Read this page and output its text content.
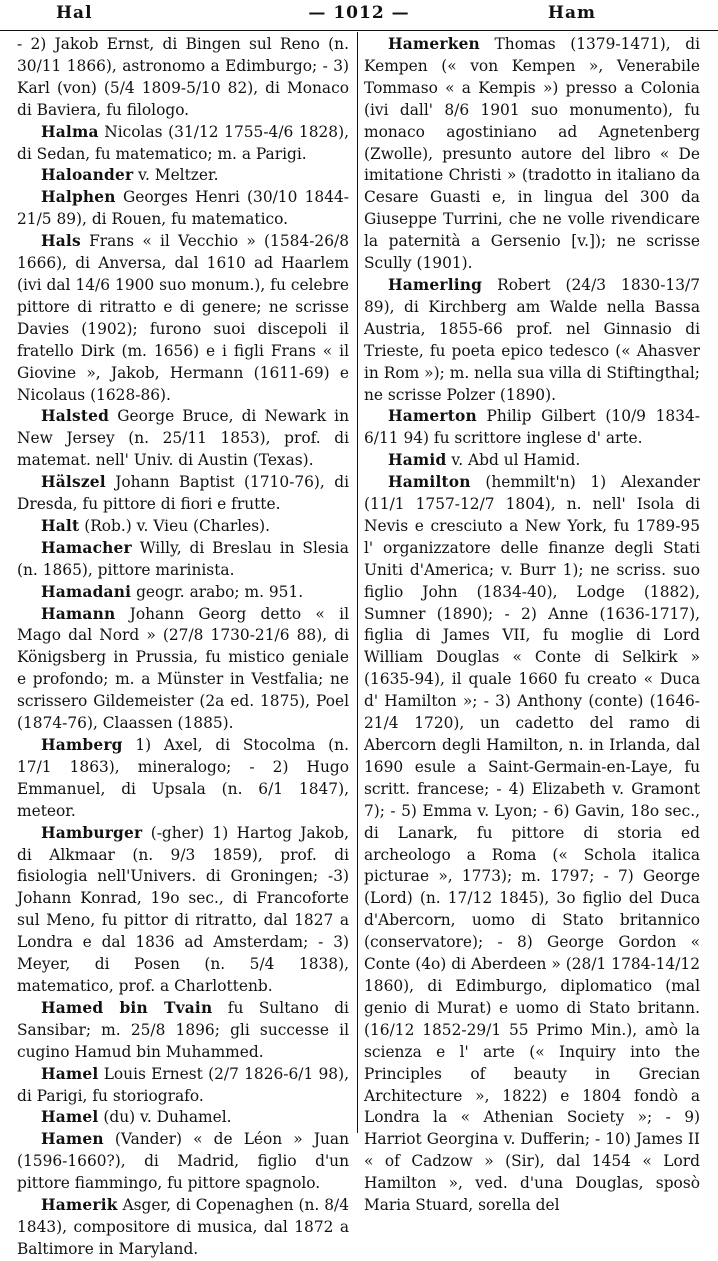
Hal	— 1012 —	Ham

- 2) Jakob Ernst, di Bingen sul Reno (n. 30/11 1866), astronomo a Edimburgo; - 3) Karl (von) (5/4 1809-5/10 82), di Monaco di Baviera, fu filologo.

Halma Nicolas (31/12 1755-4/6 1828), di Sedan, fu matematico; m. a Parigi.

Haloander v. Meltzer.

Halphen Georges Henri (30/10 1844-21/5 89), di Rouen, fu matematico.

Hals Frans « il Vecchio » (1584-26/8 1666), di Anversa, dal 1610 ad Haarlem (ivi dal 14/6 1900 suo monum.), fu celebre pittore di ritratto e di genere; ne scrisse Davies (1902); furono suoi discepoli il fratello Dirk (m. 1656) e i figli Frans « il Giovine », Jakob, Hermann (1611-69) e Nicolaus (1628-86).

Halsted George Bruce, di Newark in New Jersey (n. 25/11 1853), prof. di matemat. nell' Univ. di Austin (Texas).

Hälszel Johann Baptist (1710-76), di Dresda, fu pittore di fiori e frutte.

Halt (Rob.) v. Vieu (Charles).

Hamacher Willy, di Breslau in Slesia (n. 1865), pittore marinista.

Hamadani geogr. arabo; m. 951.

Hamann Johann Georg detto « il Mago dal Nord » (27/8 1730-21/6 88), di Königsberg in Prussia, fu mistico geniale e profondo; m. a Münster in Vestfalia; ne scrissero Gildemeister (2a ed. 1875), Poel (1874-76), Claassen (1885).

Hamberg 1) Axel, di Stocolma (n. 17/1 1863), mineralogo; - 2) Hugo Emmanuel, di Upsala (n. 6/1 1847), meteor.

Hamburger (-gher) 1) Hartog Jakob, di Alkmaar (n. 9/3 1859), prof. di fisiologia nell'Univers. di Groningen; -3) Johann Konrad, 19o sec., di Francoforte sul Meno, fu pittor di ritratto, dal 1827 a Londra e dal 1836 ad Amsterdam; - 3) Meyer, di Posen (n. 5/4 1838), matematico, prof. a Charlottenb.

Hamed bin Tvain fu Sultano di Sansibar; m. 25/8 1896; gli successe il cugino Hamud bin Muhammed.

Hamel Louis Ernest (2/7 1826-6/1 98), di Parigi, fu storiografo.

Hamel (du) v. Duhamel.

Hamen (Vander) « de Léon » Juan (1596-1660?), di Madrid, figlio d'un pittore fiammingo, fu pittore spagnolo.

Hamerik Asger, di Copenaghen (n. 8/4 1843), compositore di musica, dal 1872 a Baltimore in Maryland.

Hamerken Thomas (1379-1471), di Kempen (« von Kempen », Venerabile Tommaso « a Kempis ») presso a Colonia (ivi dall' 8/6 1901 suo monumento), fu monaco agostiniano ad Agnetenberg (Zwolle), presunto autore del libro « De imitatione Christi » (tradotto in italiano da Cesare Guasti e, in lingua del 300 da Giuseppe Turrini, che ne volle rivendicare la paternità a Gersenio [v.]); ne scrisse Scully (1901).

Hamerling Robert (24/3 1830-13/7 89), di Kirchberg am Walde nella Bassa Austria, 1855-66 prof. nel Ginnasio di Trieste, fu poeta epico tedesco (« Ahasver in Rom »); m. nella sua villa di Stiftingthal; ne scrisse Polzer (1890).

Hamerton Philip Gilbert (10/9 1834-6/11 94) fu scrittore inglese d' arte.

Hamid v. Abd ul Hamid.

Hamilton (hemmilt'n) 1) Alexander (11/1 1757-12/7 1804), n. nell' Isola di Nevis e cresciuto a New York, fu 1789-95 l' organizzatore delle finanze degli Stati Uniti d'America; v. Burr 1); ne scriss. suo figlio John (1834-40), Lodge (1882), Sumner (1890); - 2) Anne (1636-1717), figlia di James VII, fu moglie di Lord William Douglas « Conte di Selkirk » (1635-94), il quale 1660 fu creato « Duca d' Hamilton »; - 3) Anthony (conte) (1646-21/4 1720), un cadetto del ramo di Abercorn degli Hamilton, n. in Irlanda, dal 1690 esule a Saint-Germain-en-Laye, fu scritt. francese; - 4) Elizabeth v. Gramont 7); - 5) Emma v. Lyon; - 6) Gavin, 18o sec., di Lanark, fu pittore di storia ed archeologo a Roma (« Schola italica picturae », 1773); m. 1797; - 7) George (Lord) (n. 17/12 1845), 3o figlio del Duca d'Abercorn, uomo di Stato britannico (conservatore); - 8) George Gordon « Conte (4o) di Aberdeen » (28/1 1784-14/12 1860), di Edimburgo, diplomatico (mal genio di Murat) e uomo di Stato britann. (16/12 1852-29/1 55 Primo Min.), amò la scienza e l' arte (« Inquiry into the Principles of beauty in Grecian Architecture », 1822) e 1804 fondò a Londra la « Athenian Society »; - 9) Harriot Georgina v. Dufferin; - 10) James II « of Cadzow » (Sir), dal 1454 « Lord Hamilton », ved. d'una Douglas, sposò Maria Stuard, sorella del
